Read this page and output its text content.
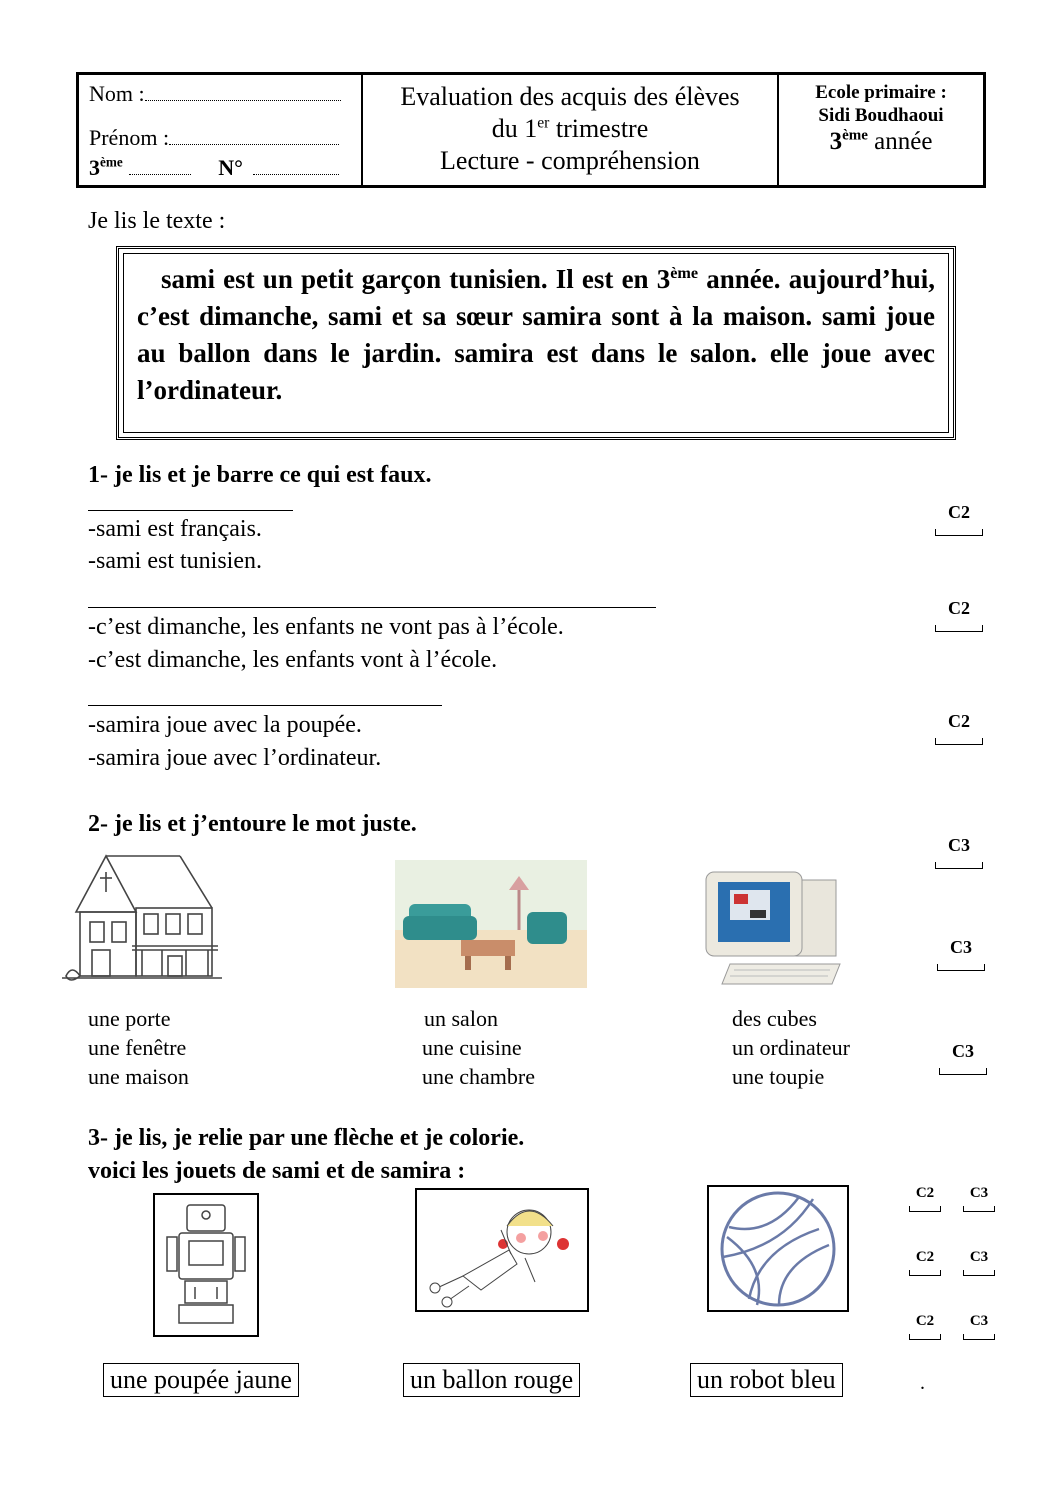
Nom :
Prénom :
3ème	N°
Evaluation des acquis des élèves
du 1er trimestre
Lecture - compréhension
Ecole primaire :
Sidi Boudhaoui
3ème année
Je lis le texte :
sami est un petit garçon tunisien. Il est en 3ème année. aujourd’hui, c’est dimanche, sami et sa sœur samira sont à la maison. sami joue au ballon dans le jardin. samira est dans le salon. elle joue avec l’ordinateur.
1- je lis et je barre ce qui est faux.
-sami est français.
-sami est tunisien.
-c’est dimanche, les enfants ne vont pas à l’école.
-c’est dimanche, les enfants vont à l’école.
-samira joue avec la poupée.
-samira joue avec l’ordinateur.
C2
C2
C2
2- je lis et j’entoure le mot juste.
C3
C3
C3
une porte
une fenêtre
une maison
un salon
une cuisine
une chambre
des cubes
un ordinateur
une toupie
3- je lis, je relie par une flèche et je colorie.
voici les jouets de sami et de samira :
C2	C3
C2	C3
C2	C3
une poupée jaune	un ballon rouge	un robot bleu	.
